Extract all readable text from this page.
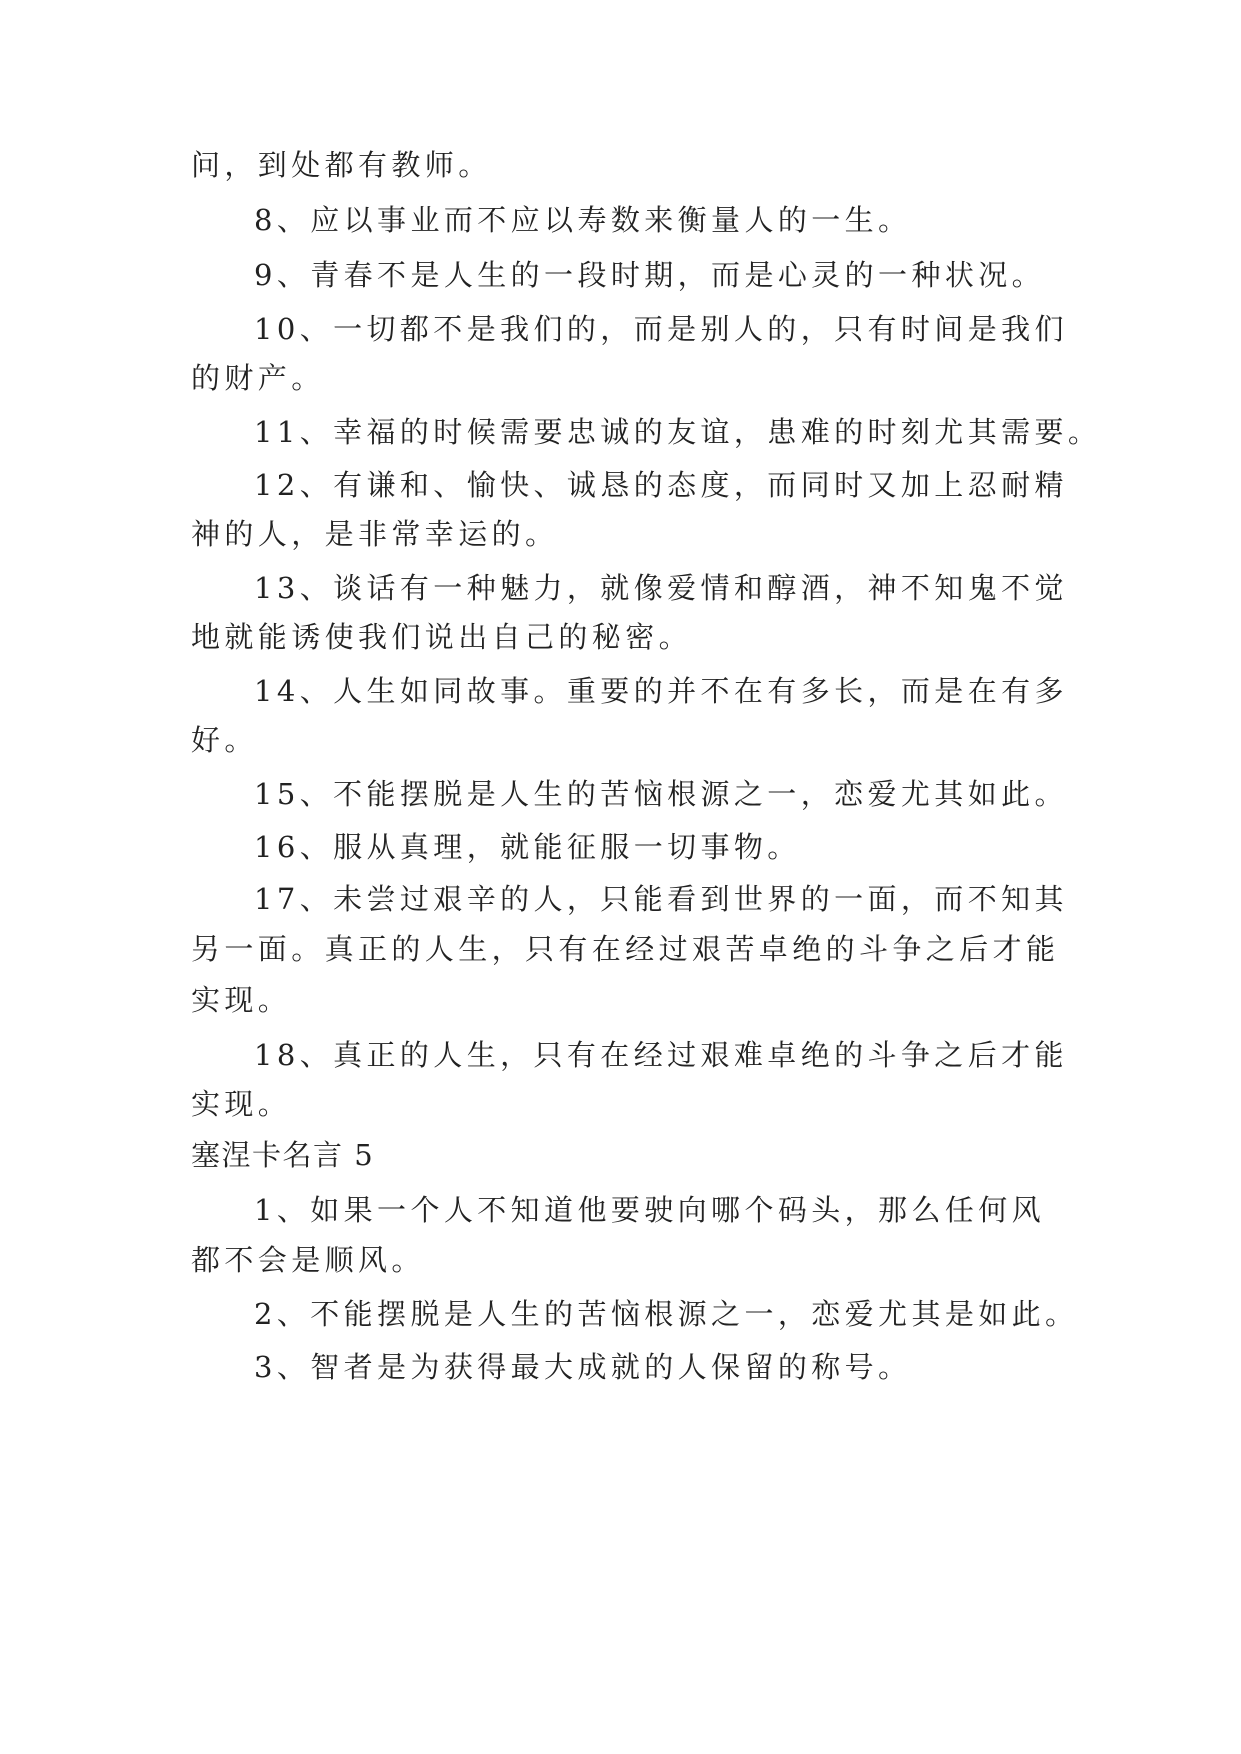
问，到处都有教师。
8、应以事业而不应以寿数来衡量人的一生。
9、青春不是人生的一段时期，而是心灵的一种状况。
10、一切都不是我们的，而是别人的，只有时间是我们
的财产。
11、幸福的时候需要忠诚的友谊，患难的时刻尤其需要。
12、有谦和、愉快、诚恳的态度，而同时又加上忍耐精
神的人，是非常幸运的。
13、谈话有一种魅力，就像爱情和醇酒，神不知鬼不觉
地就能诱使我们说出自己的秘密。
14、人生如同故事。重要的并不在有多长，而是在有多
好。
15、不能摆脱是人生的苦恼根源之一，恋爱尤其如此。
16、服从真理，就能征服一切事物。
17、未尝过艰辛的人，只能看到世界的一面，而不知其
另一面。真正的人生，只有在经过艰苦卓绝的斗争之后才能
实现。
18、真正的人生，只有在经过艰难卓绝的斗争之后才能
实现。
塞涅卡名言 5
1、如果一个人不知道他要驶向哪个码头，那么任何风
都不会是顺风。
2、不能摆脱是人生的苦恼根源之一，恋爱尤其是如此。
3、智者是为获得最大成就的人保留的称号。
